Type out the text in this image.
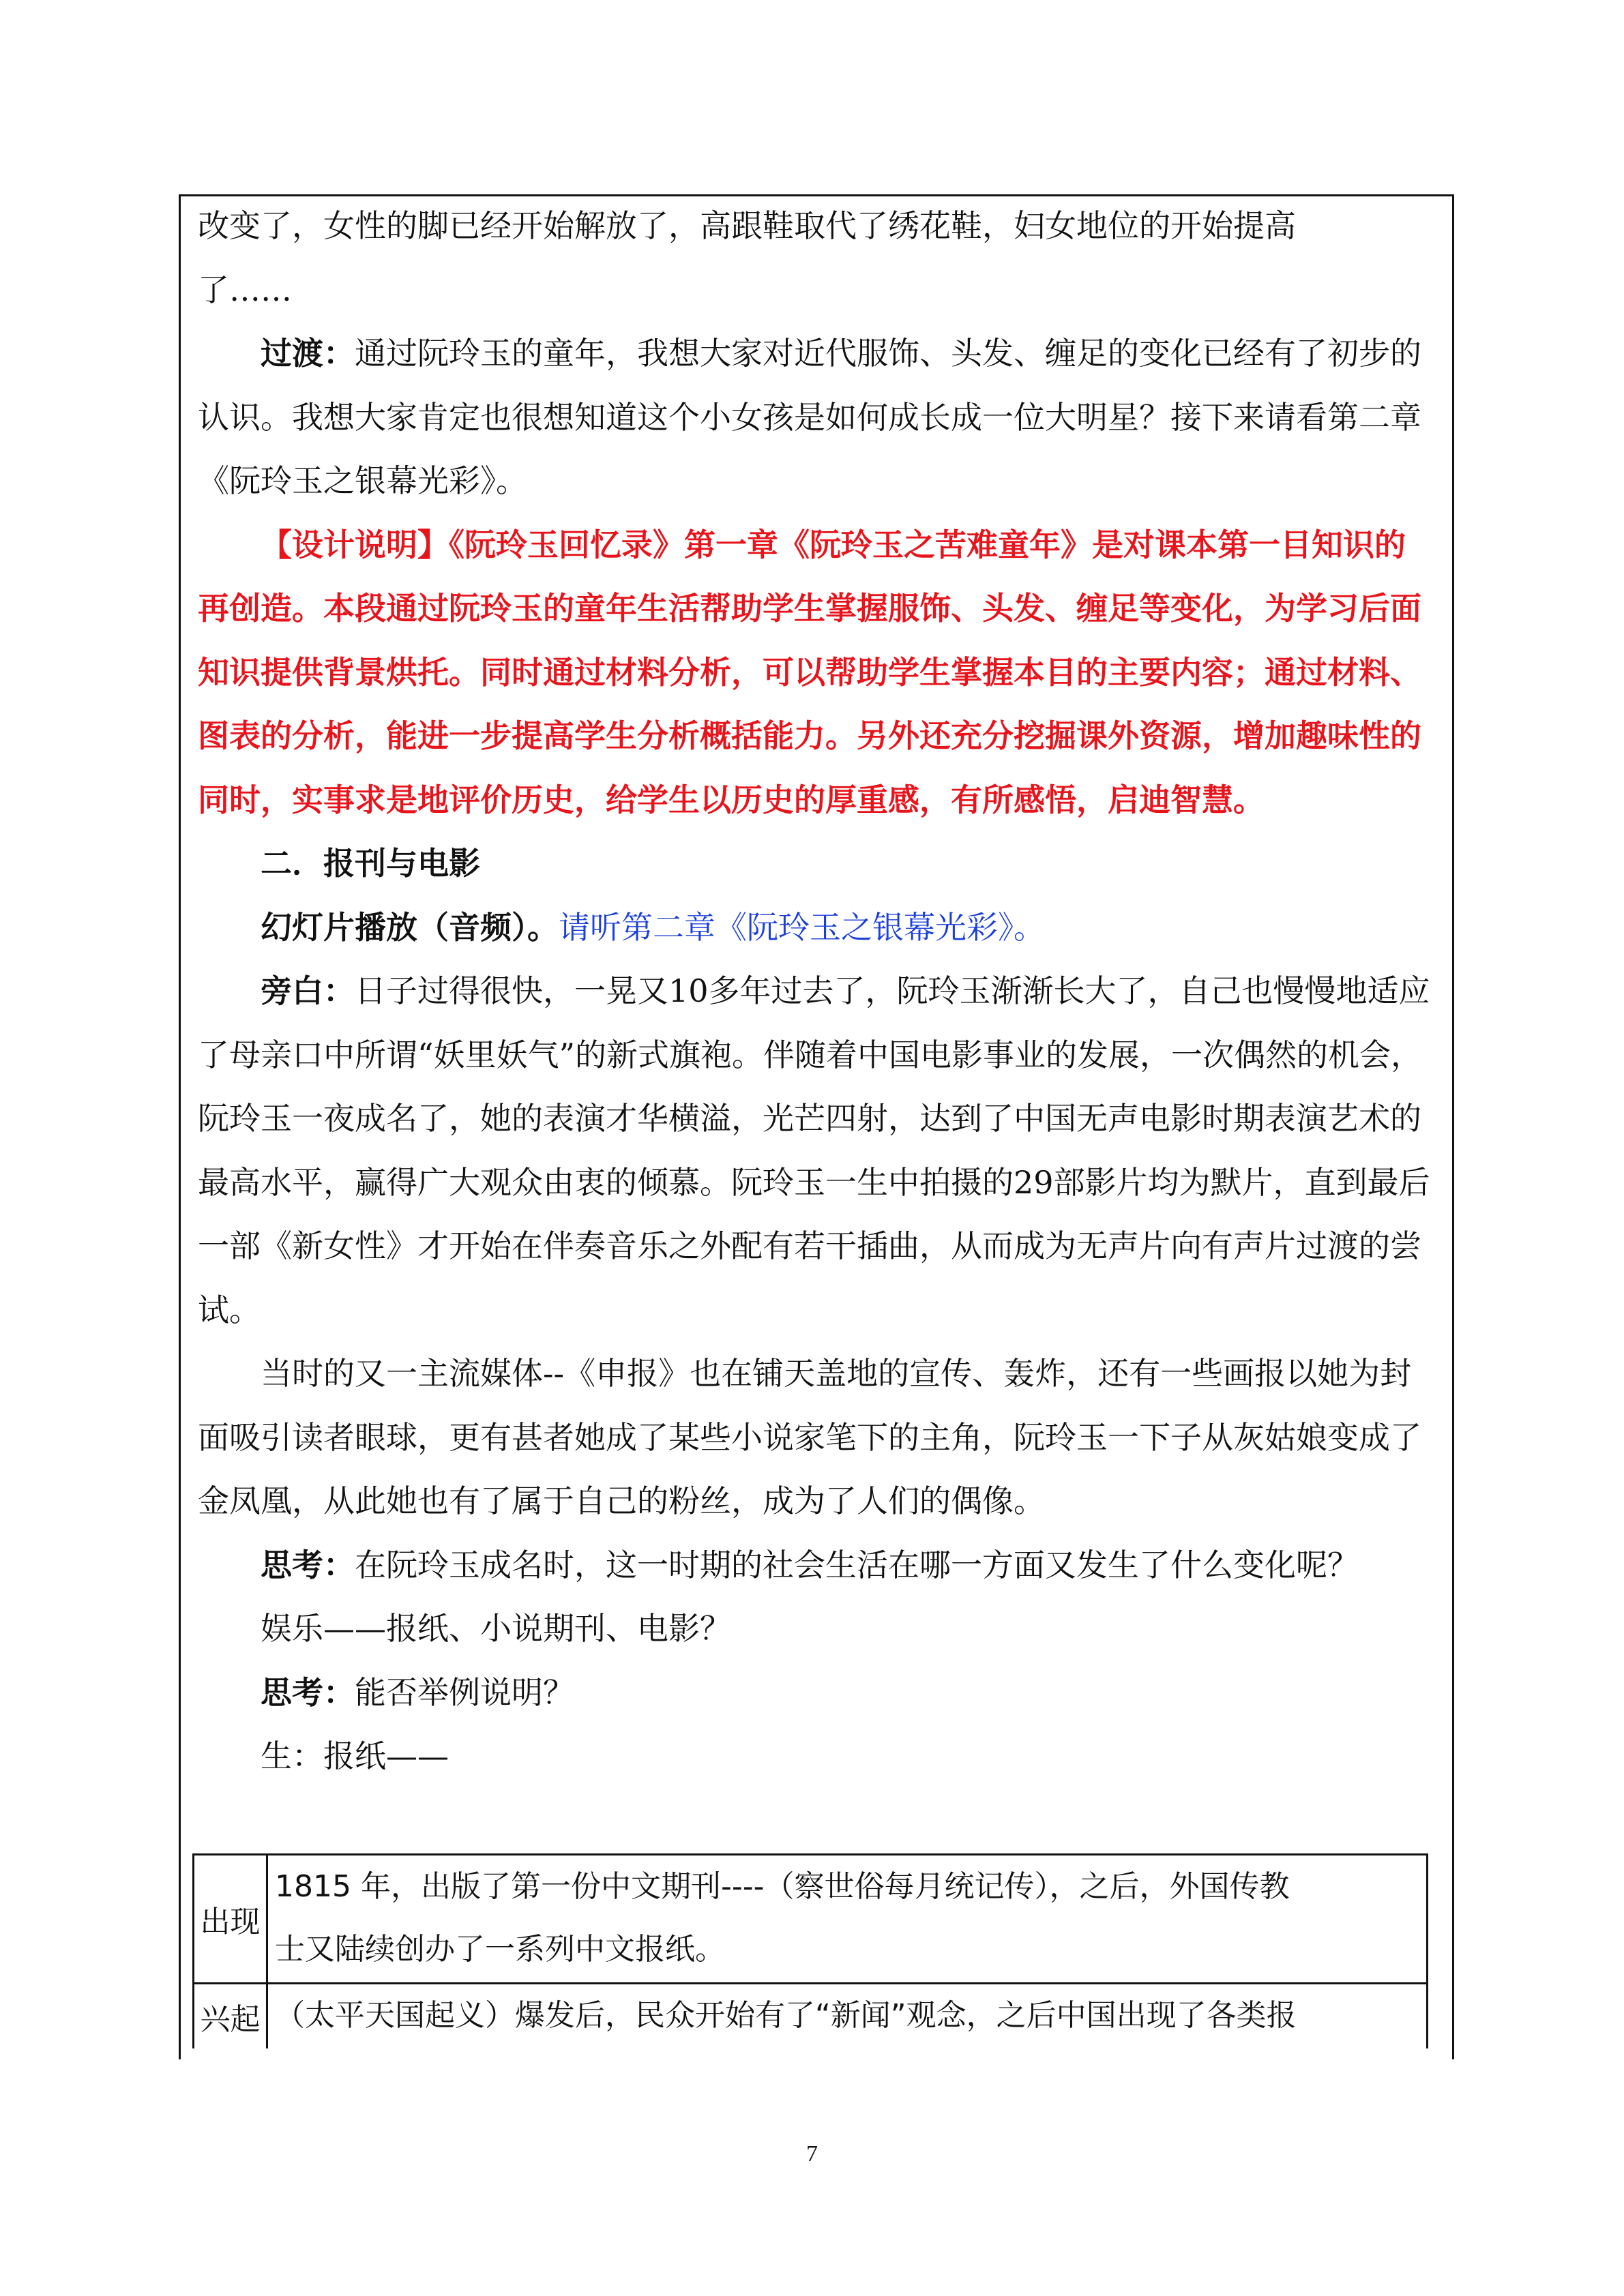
改变了，女性的脚已经开始解放了，高跟鞋取代了绣花鞋，妇女地位的开始提高

了……

过渡：通过阮玲玉的童年，我想大家对近代服饰、头发、缠足的变化已经有了初步的认识。我想大家肯定也很想知道这个小女孩是如何成长成一位大明星？接下来请看第二章《阮玲玉之银幕光彩》。

【设计说明】《阮玲玉回忆录》第一章《阮玲玉之苦难童年》是对课本第一目知识的再创造。本段通过阮玲玉的童年生活帮助学生掌握服饰、头发、缠足等变化，为学习后面知识提供背景烘托。同时通过材料分析，可以帮助学生掌握本目的主要内容；通过材料、图表的分析，能进一步提高学生分析概括能力。另外还充分挖掘课外资源，增加趣味性的同时，实事求是地评价历史，给学生以历史的厚重感，有所感悟，启迪智慧。

二．报刊与电影

幻灯片播放（音频）。请听第二章《阮玲玉之银幕光彩》。

旁白：日子过得很快，一晃又10多年过去了，阮玲玉渐渐长大了，自己也慢慢地适应了母亲口中所谓“妖里妖气”的新式旗袍。伴随着中国电影事业的发展，一次偶然的机会，阮玲玉一夜成名了，她的表演才华横溢，光芒四射，达到了中国无声电影时期表演艺术的最高水平，赢得广大观众由衷的倾慕。阮玲玉一生中拍摄的29部影片均为默片，直到最后一部《新女性》才开始在伴奏音乐之外配有若干插曲，从而成为无声片向有声片过渡的尝试。

当时的又一主流媒体--《申报》也在铺天盖地的宣传、轰炸，还有一些画报以她为封面吸引读者眼球，更有甚者她成了某些小说家笔下的主角，阮玲玉一下子从灰姑娘变成了金凤凰，从此她也有了属于自己的粉丝，成为了人们的偶像。

思考：在阮玲玉成名时，这一时期的社会生活在哪一方面又发生了什么变化呢？

娱乐——报纸、小说期刊、电影？

思考：能否举例说明？

生：报纸——

出现
1815 年，出版了第一份中文期刊----（察世俗每月统记传），之后，外国传教
士又陆续创办了一系列中文报纸。
兴起 （太平天国起义）爆发后，民众开始有了“新闻”观念，之后中国出现了各类报
7
